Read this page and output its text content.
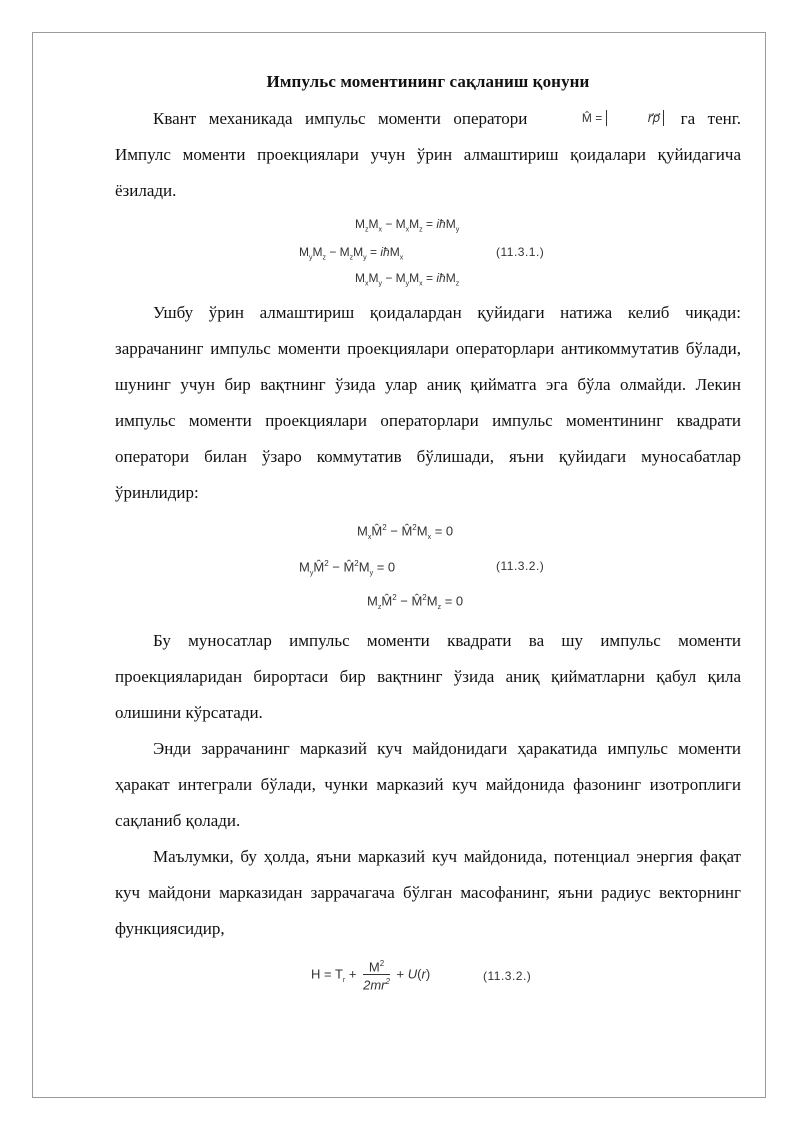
Импульс моментининг сақланиш қонуни

Квант механикада импульс моменти оператори	M̂ =	r⃗p⃗ га тенг. Импулс моменти проекциялари учун ўрин алмаштириш қоидалари қуйидагича ёзилади.

$M_zM_x - M_xM_z$ = iħM$_y$
$M_yM_z - M_zM_y$ = iħM$_x$	(11.3.1.)
$M_xM_y - M_yM_x$ = iħM$_z$

Ушбу ўрин алмаштириш қоидалардан қуйидаги натижа келиб чиқади: заррачанинг импульс моменти проекциялари операторлари антикоммутатив бўлади, шунинг учун бир вақтнинг ўзида улар аниқ қийматга эга бўла олмайди. Лекин импульс моменти проекциялари операторлари импульс моментининг квадрати оператори билан ўзаро коммутатив бўлишади, яъни қуйидаги муносабатлар ўринлидир:

$M_xM̂^2$ − $M̂^2M_x = 0$
$M_yM̂^2$ − $M̂^2M_y = 0$	(11.3.2.)
$M_zM̂^2$ − $M̂^2M_z = 0$

Бу муносатлар импульс моменти квадрати ва шу импульс моменти проекцияларидан бирортаси бир вақтнинг ўзида аниқ қийматларни қабул қила олишини кўрсатади.

Энди заррачанинг марказий куч майдонидаги ҳаракатида импульс моменти ҳаракат интеграли бўлади, чунки марказий куч майдонида фазонинг изотроплиги сақланиб қолади.

Маълумки, бу ҳолда, яъни марказий куч майдонида, потенциал энергия фақат куч майдони марказидан заррачагача бўлган масофанинг, яъни радиус векторнинг функциясидир,

$H = T_r + \frac{M^2}{2mr^2} + U(r)$	(11.3.2.)
